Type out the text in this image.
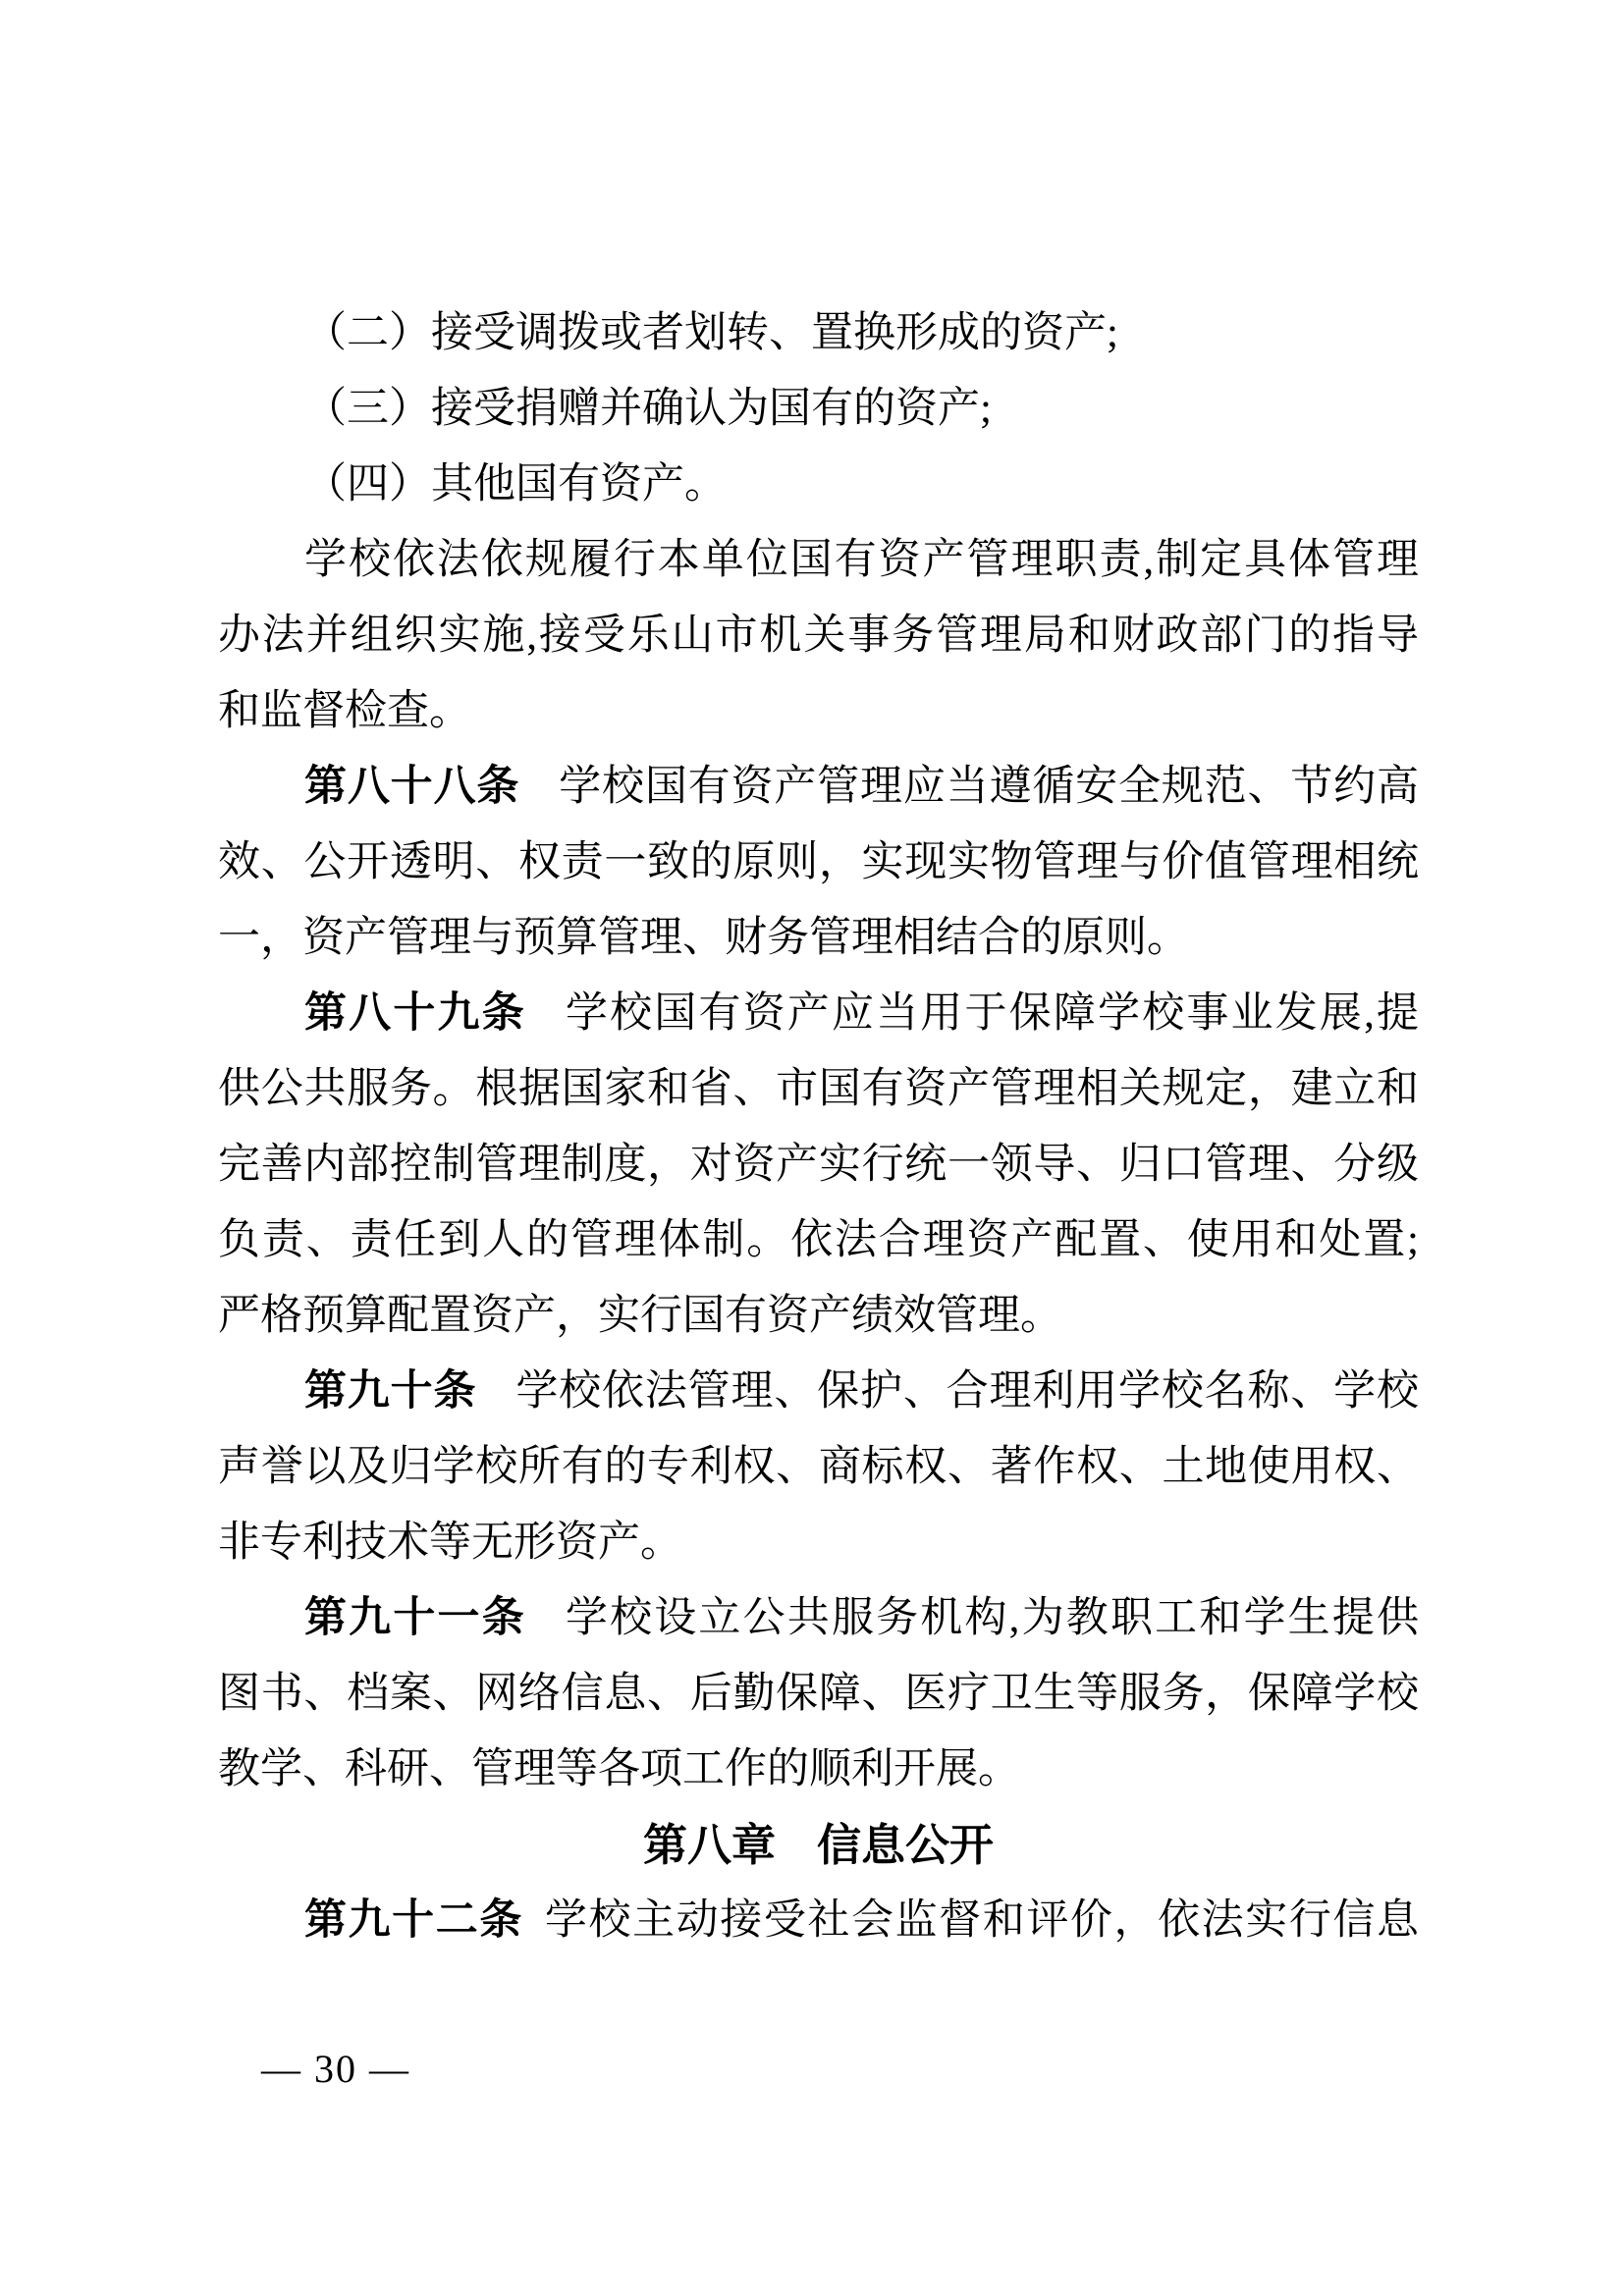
（二）接受调拨或者划转、置换形成的资产;
（三）接受捐赠并确认为国有的资产;
（四）其他国有资产。
学校依法依规履行本单位国有资产管理职责,制定具体管理
办法并组织实施,接受乐山市机关事务管理局和财政部门的指导
和监督检查。
第八十八条 学校国有资产管理应当遵循安全规范、节约高
效、公开透明、权责一致的原则，实现实物管理与价值管理相统
一，资产管理与预算管理、财务管理相结合的原则。
第八十九条 学校国有资产应当用于保障学校事业发展,提
供公共服务。根据国家和省、市国有资产管理相关规定，建立和
完善内部控制管理制度，对资产实行统一领导、归口管理、分级
负责、责任到人的管理体制。依法合理资产配置、使用和处置;
严格预算配置资产，实行国有资产绩效管理。
第九十条 学校依法管理、保护、合理利用学校名称、学校
声誉以及归学校所有的专利权、商标权、著作权、土地使用权、
非专利技术等无形资产。
第九十一条 学校设立公共服务机构,为教职工和学生提供
图书、档案、网络信息、后勤保障、医疗卫生等服务，保障学校
教学、科研、管理等各项工作的顺利开展。
第八章 信息公开
第九十二条 学校主动接受社会监督和评价，依法实行信息
— 30 —
